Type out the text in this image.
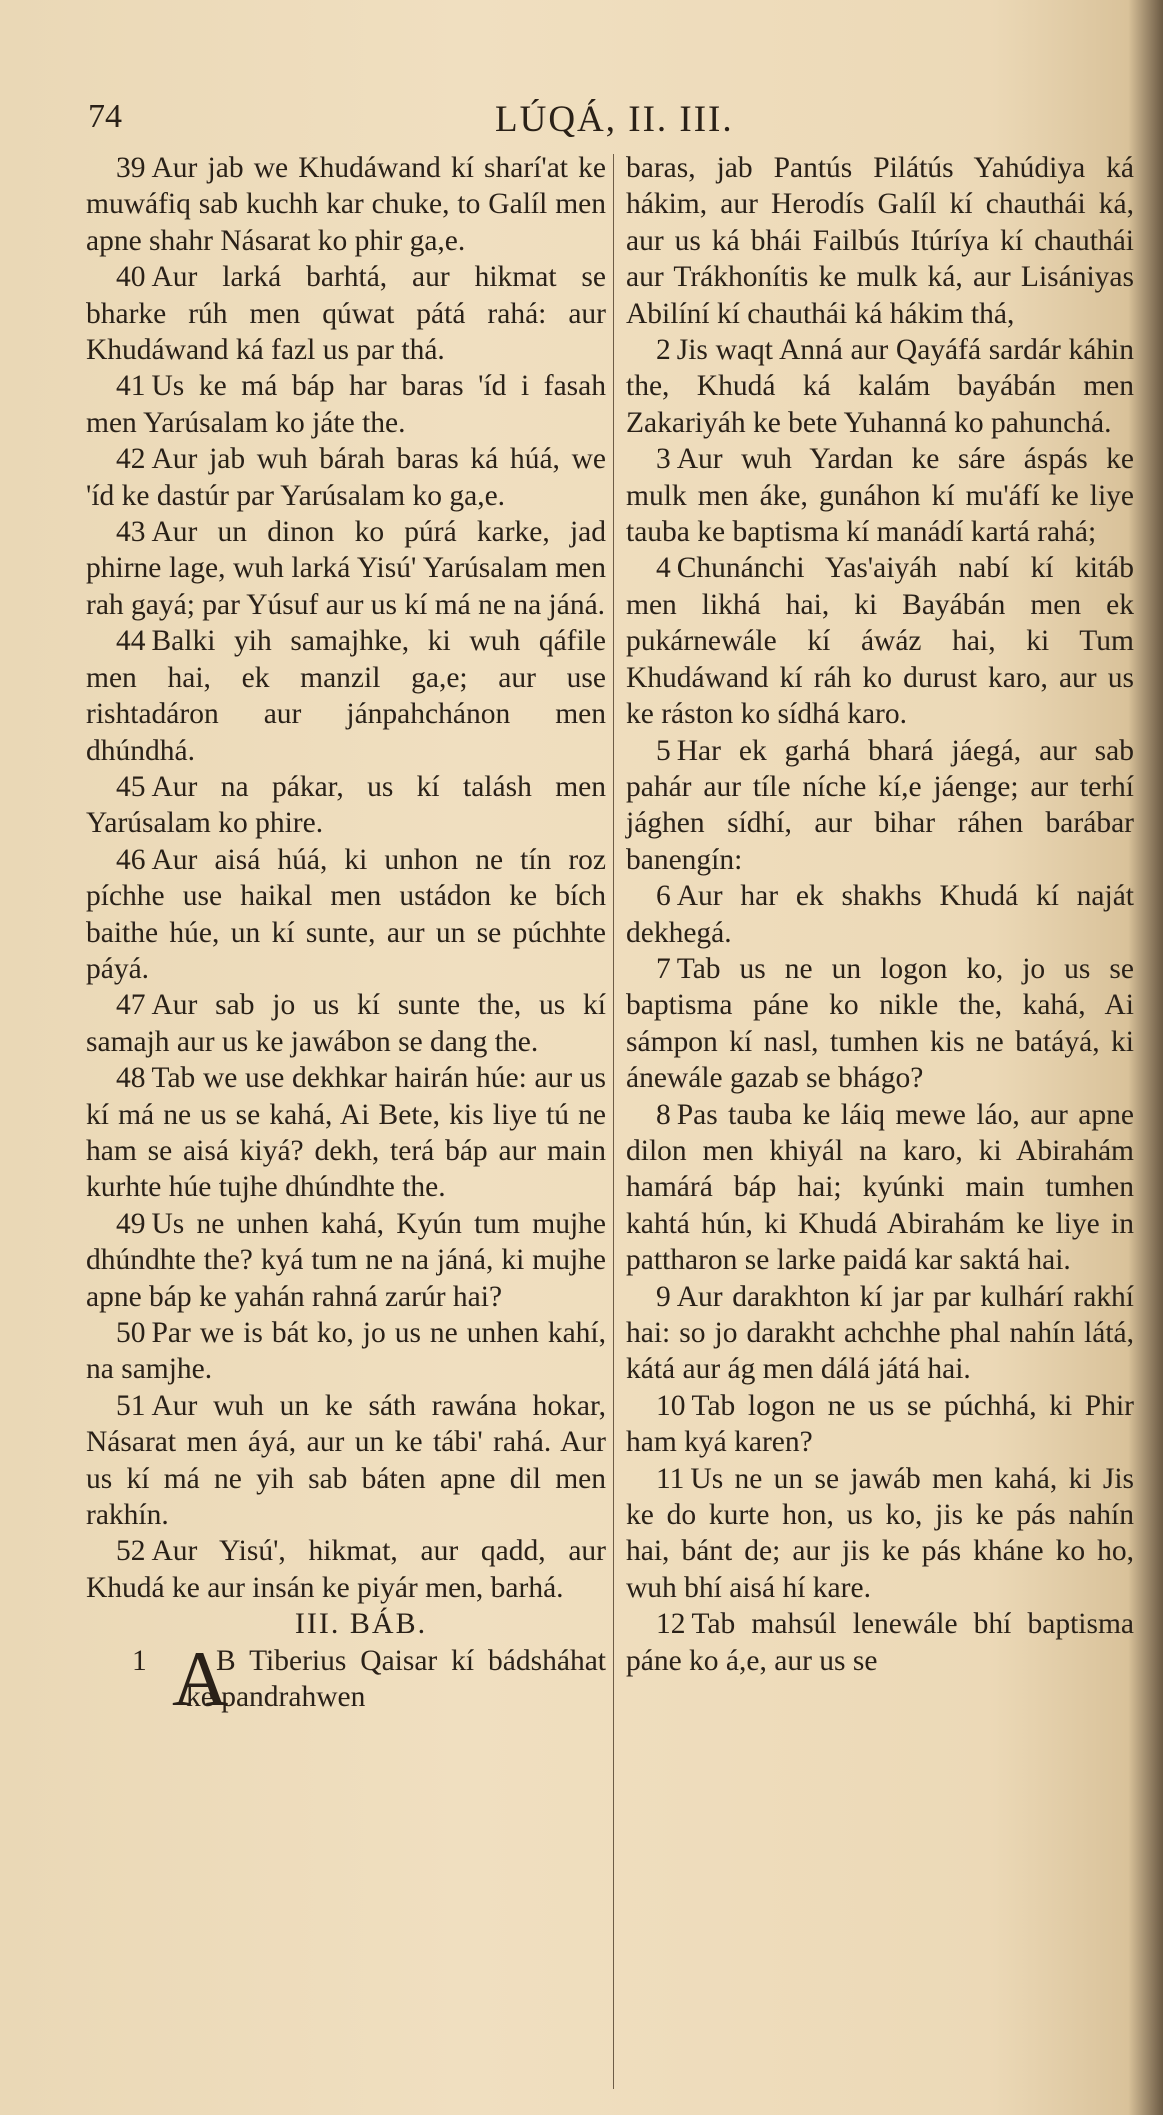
74	LÚQÁ, II. III.

39 Aur jab we Khudáwand kí sharí'at ke muwáfiq sab kuchh kar chuke, to Galíl men apne shahr Násarat ko phir ga,e.

40 Aur larká barhtá, aur hikmat se bharke rúh men qúwat pátá rahá: aur Khudáwand ká fazl us par thá.

41 Us ke má báp har baras 'íd i fasah men Yarúsalam ko játe the.

42 Aur jab wuh bárah baras ká húá, we 'íd ke dastúr par Yarúsalam ko ga,e.

43 Aur un dinon ko púrá karke, jad phirne lage, wuh larká Yisú' Yarúsalam men rah gayá; par Yúsuf aur us kí má ne na jáná.

44 Balki yih samajhke, ki wuh qáfile men hai, ek manzil ga,e; aur use rishtadáron aur jánpahchánon men dhúndhá.

45 Aur na pákar, us kí talásh men Yarúsalam ko phire.

46 Aur aisá húá, ki unhon ne tín roz píchhe use haikal men ustádon ke bích baithe húe, un kí sunte, aur un se púchhte páyá.

47 Aur sab jo us kí sunte the, us kí samajh aur us ke jawábon se dang the.

48 Tab we use dekhkar hairán húe: aur us kí má ne us se kahá, Ai Bete, kis liye tú ne ham se aisá kiyá? dekh, terá báp aur main kurhte húe tujhe dhúndhte the.

49 Us ne unhen kahá, Kyún tum mujhe dhúndhte the? kyá tum ne na jáná, ki mujhe apne báp ke yahán rahná zarúr hai?

50 Par we is bát ko, jo us ne unhen kahí, na samjhe.

51 Aur wuh un ke sáth rawána hokar, Násarat men áyá, aur un ke tábi' rahá. Aur us kí má ne yih sab báten apne dil men rakhín.

52 Aur Yisú', hikmat, aur qadd, aur Khudá ke aur insán ke piyár men, barhá.

III. BÁB.

1 A
B Tiberius Qaisar kí bádsháhat ke pandrahwen

baras, jab Pantús Pilátús Yahúdiya ká hákim, aur Herodís Galíl kí chauthái ká, aur us ká bhái Failbús Itúríya kí chauthái aur Trákhonítis ke mulk ká, aur Lisániyas Abilíní kí chauthái ká hákim thá,

2 Jis waqt Anná aur Qayáfá sardár káhin the, Khudá ká kalám bayábán men Zakariyáh ke bete Yuhanná ko pahunchá.

3 Aur wuh Yardan ke sáre áspás ke mulk men áke, gunáhon kí mu'áfí ke liye tauba ke baptisma kí manádí kartá rahá;

4 Chunánchi Yas'aiyáh nabí kí kitáb men likhá hai, ki Bayábán men ek pukárnewále kí áwáz hai, ki Tum Khudáwand kí ráh ko durust karo, aur us ke ráston ko sídhá karo.

5 Har ek garhá bhará jáegá, aur sab pahár aur tíle níche kí,e jáenge; aur terhí jághen sídhí, aur bihar ráhen barábar banengín:

6 Aur har ek shakhs Khudá kí naját dekhegá.

7 Tab us ne un logon ko, jo us se baptisma páne ko nikle the, kahá, Ai sámpon kí nasl, tumhen kis ne batáyá, ki ánewále gazab se bhágo?

8 Pas tauba ke láiq mewe láo, aur apne dilon men khiyál na karo, ki Abirahám hamárá báp hai; kyúnki main tumhen kahtá hún, ki Khudá Abirahám ke liye in pattharon se larke paidá kar saktá hai.

9 Aur darakhton kí jar par kulhárí rakhí hai: so jo darakht achchhe phal nahín látá, kátá aur ág men dálá játá hai.

10 Tab logon ne us se púchhá, ki Phir ham kyá karen?

11 Us ne un se jawáb men kahá, ki Jis ke do kurte hon, us ko, jis ke pás nahín hai, bánt de; aur jis ke pás kháne ko ho, wuh bhí aisá hí kare.

12 Tab mahsúl lenewále bhí baptisma páne ko á,e, aur us se
